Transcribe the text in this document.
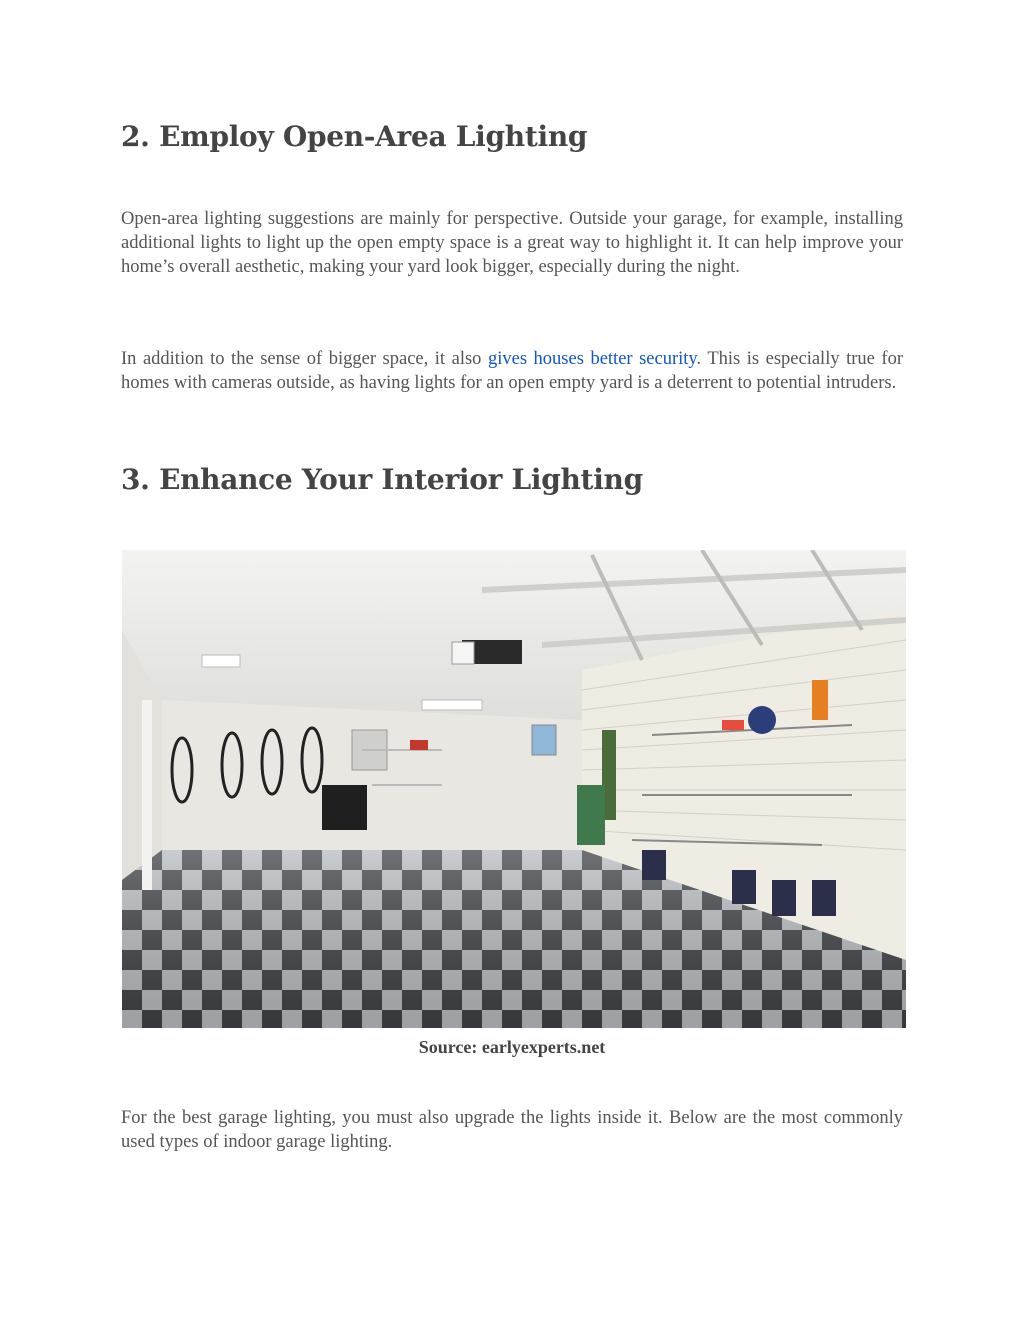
2. Employ Open-Area Lighting

Open-area lighting suggestions are mainly for perspective. Outside your garage, for example, installing additional lights to light up the open empty space is a great way to highlight it. It can help improve your home’s overall aesthetic, making your yard look bigger, especially during the night.

In addition to the sense of bigger space, it also gives houses better security. This is especially true for homes with cameras outside, as having lights for an open empty yard is a deterrent to potential intruders.

3. Enhance Your Interior Lighting
Source: earlyexperts.net

For the best garage lighting, you must also upgrade the lights inside it. Below are the most commonly used types of indoor garage lighting.
